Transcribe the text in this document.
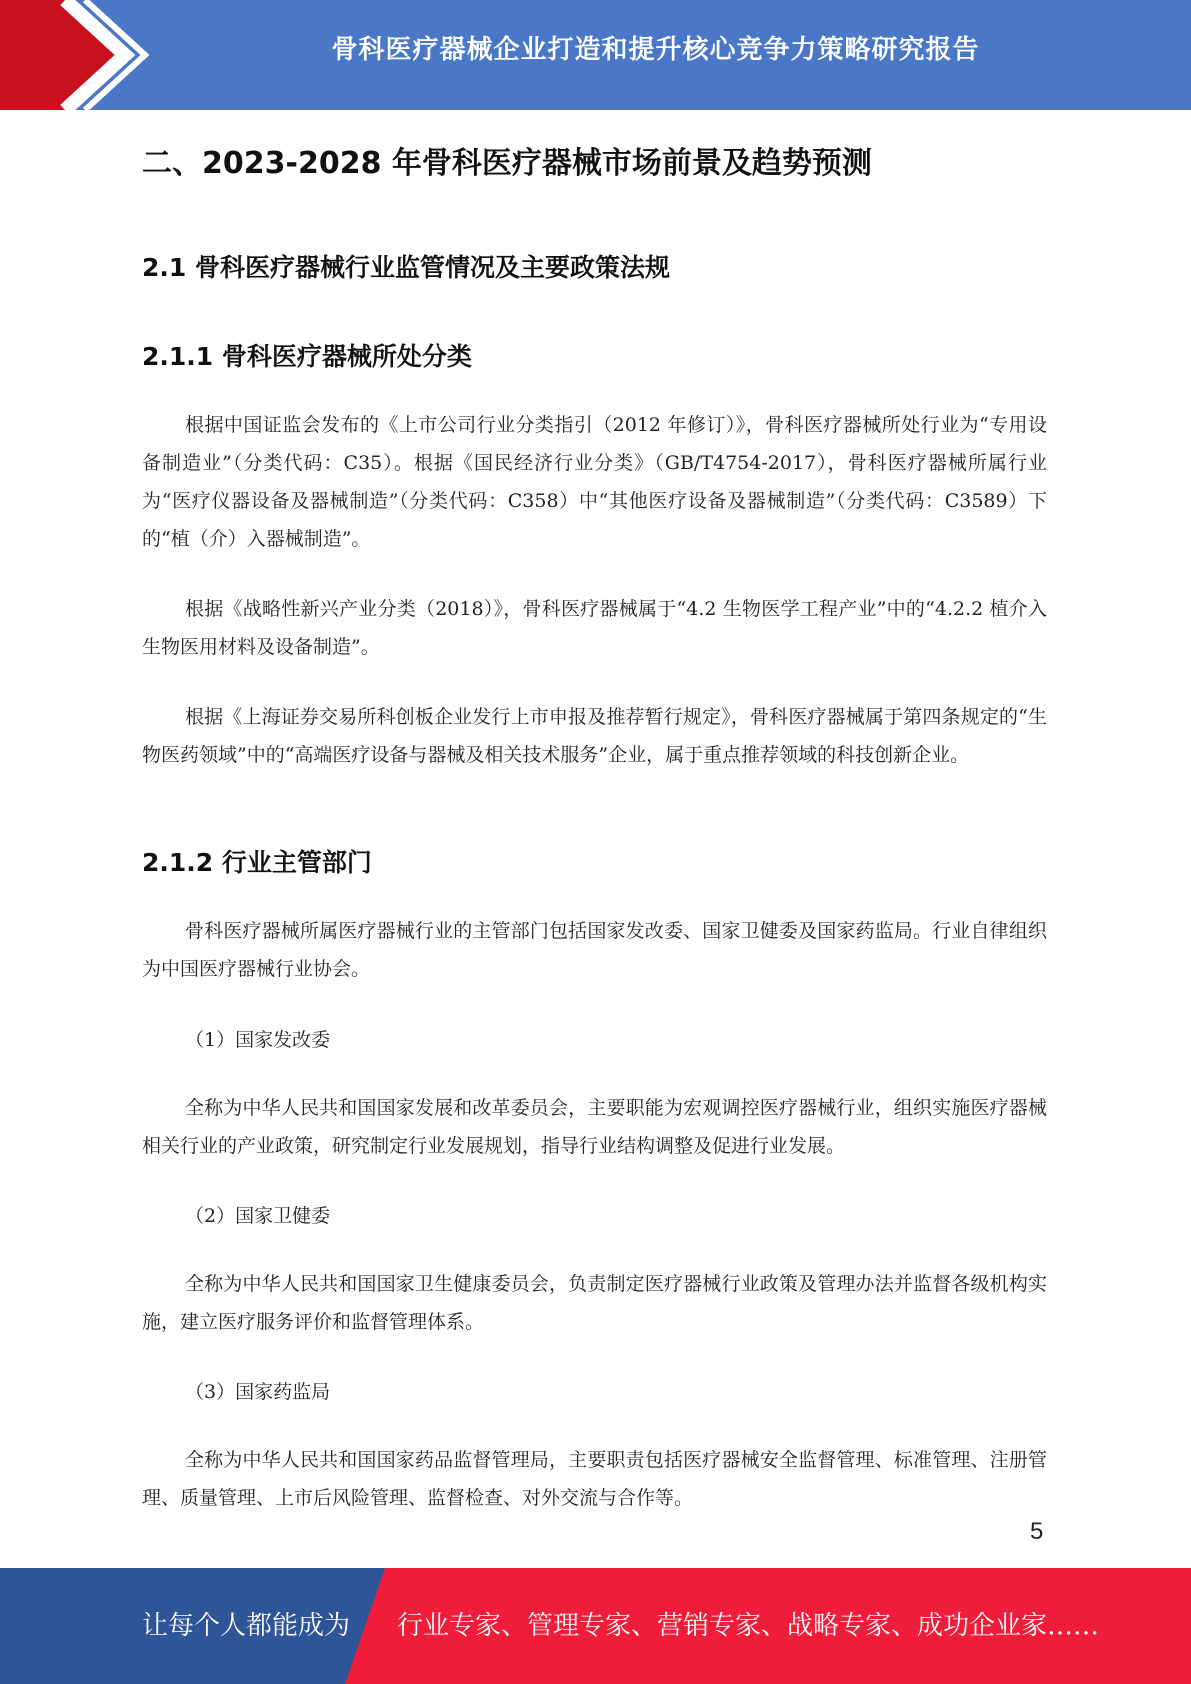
骨科医疗器械企业打造和提升核心竞争力策略研究报告
二、2023-2028 年骨科医疗器械市场前景及趋势预测
2.1 骨科医疗器械行业监管情况及主要政策法规
2.1.1 骨科医疗器械所处分类

根据中国证监会发布的《上市公司行业分类指引（2012 年修订）》，骨科医疗器械所处行业为“专用设备制造业”（分类代码：C35）。根据《国民经济行业分类》（GB/T4754-2017），骨科医疗器械所属行业为“医疗仪器设备及器械制造”（分类代码：C358）中“其他医疗设备及器械制造”（分类代码：C3589）下的“植（介）入器械制造”。

根据《战略性新兴产业分类（2018）》，骨科医疗器械属于“4.2 生物医学工程产业”中的“4.2.2 植介入生物医用材料及设备制造”。

根据《上海证券交易所科创板企业发行上市申报及推荐暂行规定》，骨科医疗器械属于第四条规定的“生物医药领域”中的“高端医疗设备与器械及相关技术服务”企业，属于重点推荐领域的科技创新企业。

2.1.2 行业主管部门

骨科医疗器械所属医疗器械行业的主管部门包括国家发改委、国家卫健委及国家药监局。行业自律组织为中国医疗器械行业协会。

（1）国家发改委

全称为中华人民共和国国家发展和改革委员会，主要职能为宏观调控医疗器械行业，组织实施医疗器械相关行业的产业政策，研究制定行业发展规划，指导行业结构调整及促进行业发展。

（2）国家卫健委

全称为中华人民共和国国家卫生健康委员会，负责制定医疗器械行业政策及管理办法并监督各级机构实施，建立医疗服务评价和监督管理体系。

（3）国家药监局

全称为中华人民共和国国家药品监督管理局，主要职责包括医疗器械安全监督管理、标准管理、注册管理、质量管理、上市后风险管理、监督检查、对外交流与合作等。

5
让每个人都能成为 行业专家、管理专家、营销专家、战略专家、成功企业家……
